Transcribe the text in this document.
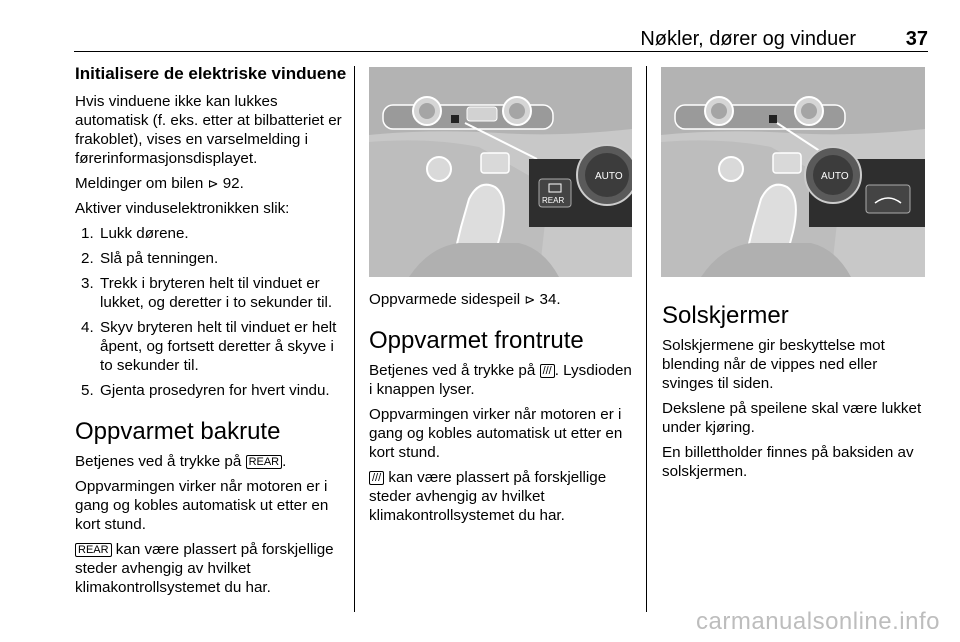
Nøkler, dører og vinduer 37
Initialisere de elektriske vinduene

Hvis vinduene ikke kan lukkes automatisk (f. eks. etter at bilbatteriet er frakoblet), vises en varselmelding i førerinformasjonsdisplayet.

Meldinger om bilen ⊳ 92.

Aktiver vinduselektronikken slik:

1. Lukk dørene.
2. Slå på tenningen.
3. Trekk i bryteren helt til vinduet er lukket, og deretter i to sekunder til.
4. Skyv bryteren helt til vinduet er helt åpent, og fortsett deretter å skyve i to sekunder til.
5. Gjenta prosedyren for hvert vindu.
Oppvarmet bakrute

Betjenes ved å trykke på REAR .

Oppvarmingen virker når motoren er i gang og kobles automatisk ut etter en kort stund.

REAR kan være plassert på forskjellige steder avhengig av hvilket klimakontrollsystemet du har.

AUTO
REAR
AUTO

Oppvarmede sidespeil ⊳ 34.

Oppvarmet frontrute

Betjenes ved å trykke på /// . Lysdioden i knappen lyser.

Oppvarmingen virker når motoren er i gang og kobles automatisk ut etter en kort stund.

/// kan være plassert på forskjellige steder avhengig av hvilket klimakontrollsystemet du har.

Solskjermer

Solskjermene gir beskyttelse mot blending når de vippes ned eller svinges til siden.

Dekslene på speilene skal være lukket under kjøring.

En billettholder finnes på baksiden av solskjermen.

carmanualsonline.info
